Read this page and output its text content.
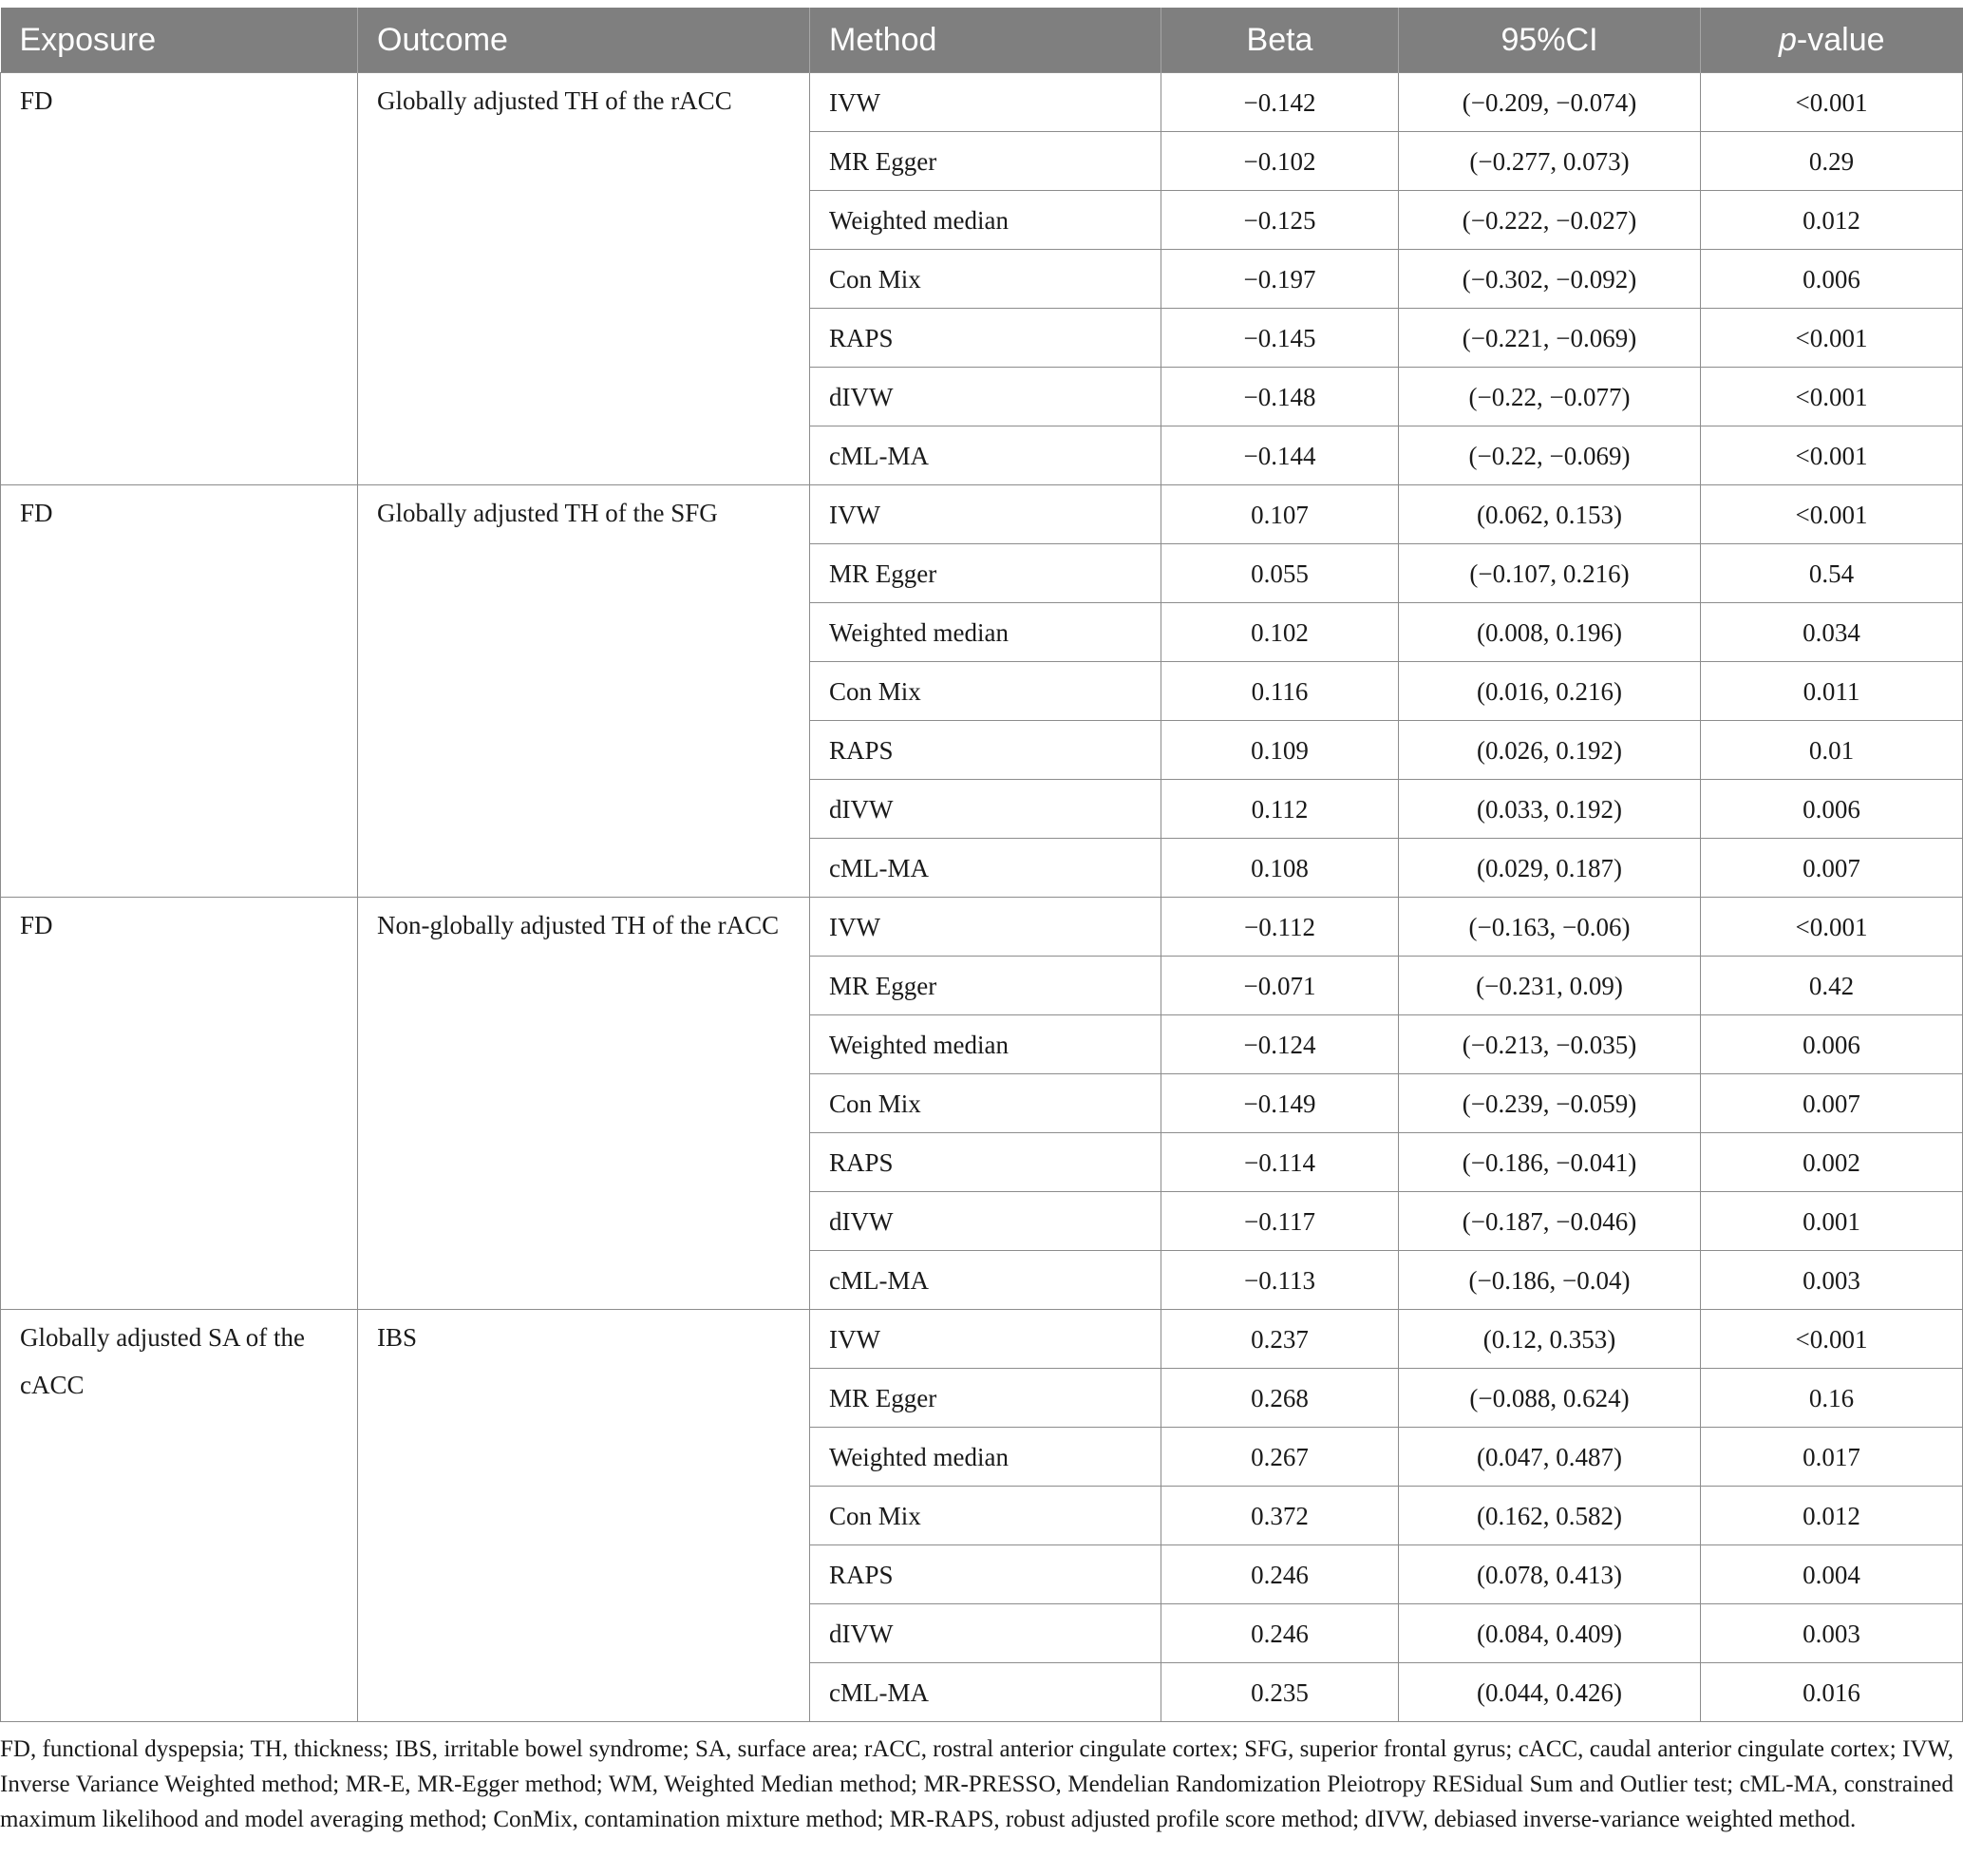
Exposure	Outcome	Method	Beta	95%CI	p-value
FD	Globally adjusted TH of the rACC	IVW	−0.142	(−0.209, −0.074)	<0.001
		MR Egger	−0.102	(−0.277, 0.073)	0.29
		Weighted median	−0.125	(−0.222, −0.027)	0.012
		Con Mix	−0.197	(−0.302, −0.092)	0.006
		RAPS	−0.145	(−0.221, −0.069)	<0.001
		dIVW	−0.148	(−0.22, −0.077)	<0.001
		cML-MA	−0.144	(−0.22, −0.069)	<0.001
FD	Globally adjusted TH of the SFG	IVW	0.107	(0.062, 0.153)	<0.001
		MR Egger	0.055	(−0.107, 0.216)	0.54
		Weighted median	0.102	(0.008, 0.196)	0.034
		Con Mix	0.116	(0.016, 0.216)	0.011
		RAPS	0.109	(0.026, 0.192)	0.01
		dIVW	0.112	(0.033, 0.192)	0.006
		cML-MA	0.108	(0.029, 0.187)	0.007
FD	Non-globally adjusted TH of the rACC	IVW	−0.112	(−0.163, −0.06)	<0.001
		MR Egger	−0.071	(−0.231, 0.09)	0.42
		Weighted median	−0.124	(−0.213, −0.035)	0.006
		Con Mix	−0.149	(−0.239, −0.059)	0.007
		RAPS	−0.114	(−0.186, −0.041)	0.002
		dIVW	−0.117	(−0.187, −0.046)	0.001
		cML-MA	−0.113	(−0.186, −0.04)	0.003
Globally adjusted SA of the cACC	IBS	IVW	0.237	(0.12, 0.353)	<0.001
		MR Egger	0.268	(−0.088, 0.624)	0.16
		Weighted median	0.267	(0.047, 0.487)	0.017
		Con Mix	0.372	(0.162, 0.582)	0.012
		RAPS	0.246	(0.078, 0.413)	0.004
		dIVW	0.246	(0.084, 0.409)	0.003
		cML-MA	0.235	(0.044, 0.426)	0.016

FD, functional dyspepsia; TH, thickness; IBS, irritable bowel syndrome; SA, surface area; rACC, rostral anterior cingulate cortex; SFG, superior frontal gyrus; cACC, caudal anterior cingulate cortex; IVW, Inverse Variance Weighted method; MR-E, MR-Egger method; WM, Weighted Median method; MR-PRESSO, Mendelian Randomization Pleiotropy RESidual Sum and Outlier test; cML-MA, constrained maximum likelihood and model averaging method; ConMix, contamination mixture method; MR-RAPS, robust adjusted profile score method; dIVW, debiased inverse-variance weighted method.
